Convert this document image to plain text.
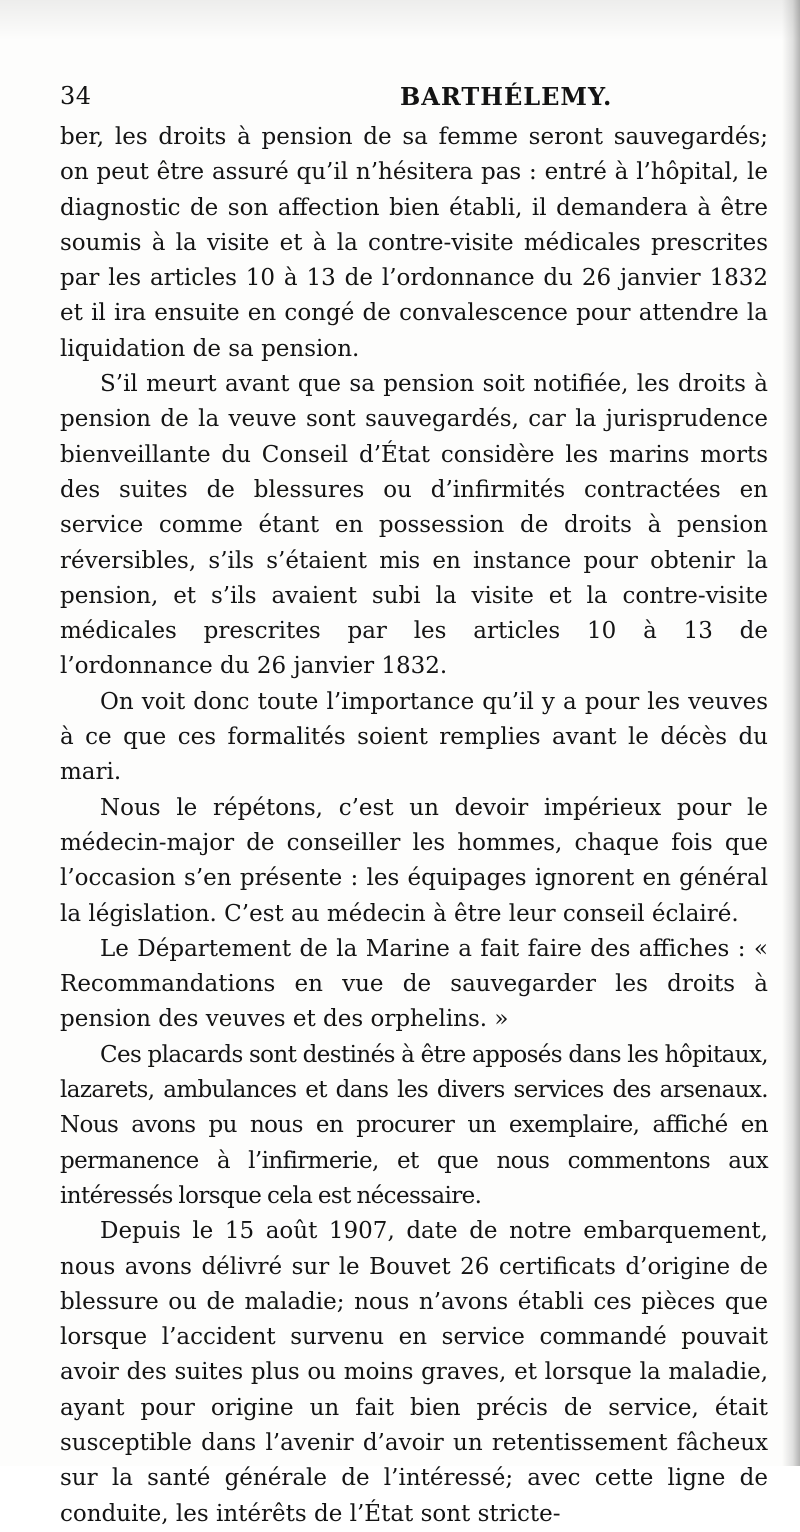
34	BARTHÉLEMY.

ber, les droits à pension de sa femme seront sauvegardés; on peut être assuré qu’il n’hésitera pas : entré à l’hôpital, le diagnostic de son affection bien établi, il demandera à être soumis à la visite et à la contre-visite médicales prescrites par les articles 10 à 13 de l’ordonnance du 26 janvier 1832 et il ira ensuite en congé de convalescence pour attendre la liquidation de sa pension.

S’il meurt avant que sa pension soit notifiée, les droits à pension de la veuve sont sauvegardés, car la jurisprudence bienveillante du Conseil d’État considère les marins morts des suites de blessures ou d’infirmités contractées en service comme étant en possession de droits à pension réversibles, s’ils s’étaient mis en instance pour obtenir la pension, et s’ils avaient subi la visite et la contre-visite médicales prescrites par les articles 10 à 13 de l’ordonnance du 26 janvier 1832.

On voit donc toute l’importance qu’il y a pour les veuves à ce que ces formalités soient remplies avant le décès du mari.

Nous le répétons, c’est un devoir impérieux pour le médecin-major de conseiller les hommes, chaque fois que l’occasion s’en présente : les équipages ignorent en général la législation. C’est au médecin à être leur conseil éclairé.

Le Département de la Marine a fait faire des affiches : « Recommandations en vue de sauvegarder les droits à pension des veuves et des orphelins. »

Ces placards sont destinés à être apposés dans les hôpitaux, lazarets, ambulances et dans les divers services des arsenaux. Nous avons pu nous en procurer un exemplaire, affiché en permanence à l’infirmerie, et que nous commentons aux intéressés lorsque cela est nécessaire.

Depuis le 15 août 1907, date de notre embarquement, nous avons délivré sur le Bouvet 26 certificats d’origine de blessure ou de maladie; nous n’avons établi ces pièces que lorsque l’accident survenu en service commandé pouvait avoir des suites plus ou moins graves, et lorsque la maladie, ayant pour origine un fait bien précis de service, était susceptible dans l’avenir d’avoir un retentissement fâcheux sur la santé générale de l’intéressé; avec cette ligne de conduite, les intérêts de l’État sont stricte-
